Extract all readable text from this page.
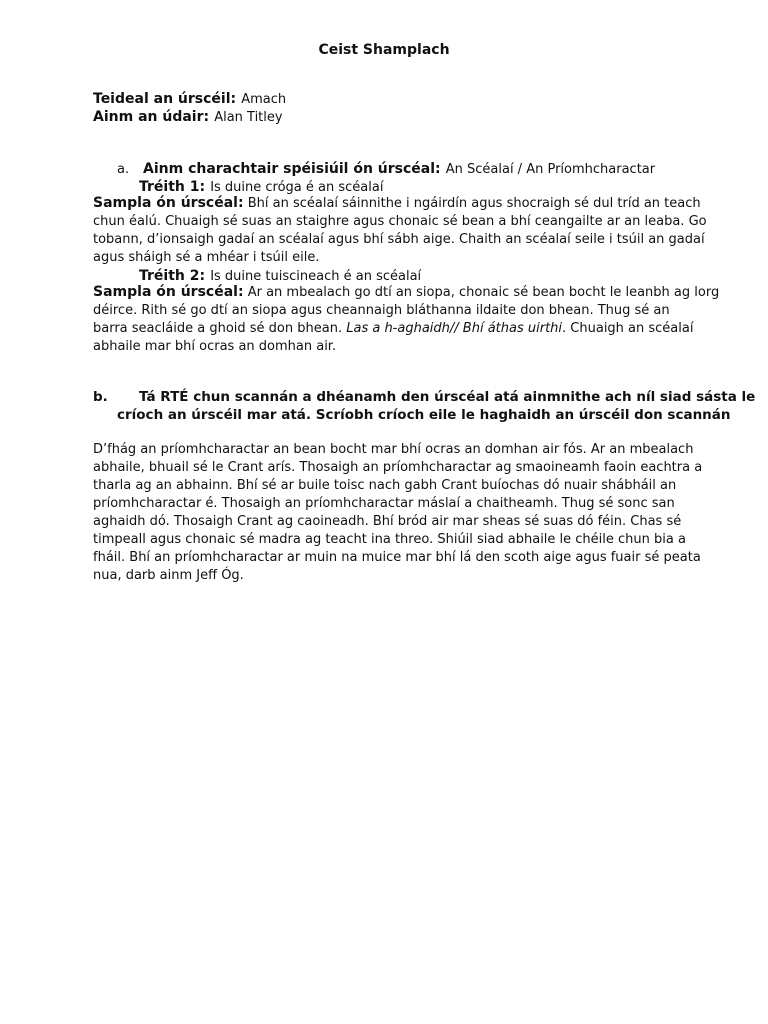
Ceist Shamplach
Teideal an úrscéil: Amach
Ainm an údair: Alan Titley
a. Ainm charachtair spéisiúil ón úrscéal: An Scéalaí / An Príomhcharactar
Tréith 1: Is duine cróga é an scéalaí

Sampla ón úrscéal: Bhí an scéalaí sáinnithe i ngáirdín agus shocraigh sé dul tríd an teach

chun éalú. Chuaigh sé suas an staighre agus chonaic sé bean a bhí ceangailte ar an leaba. Go

tobann, d’ionsaigh gadaí an scéalaí agus bhí sábh aige. Chaith an scéalaí seile i tsúil an gadaí

agus sháigh sé a mhéar i tsúil eile.

Tréith 2: Is duine tuiscineach é an scéalaí

Sampla ón úrscéal: Ar an mbealach go dtí an siopa, chonaic sé bean bocht le leanbh ag lorg

déirce. Rith sé go dtí an siopa agus cheannaigh bláthanna ildaite don bhean. Thug sé an

barra seacláide a ghoid sé don bhean. Las a h-aghaidh// Bhí áthas uirthi. Chuaigh an scéalaí

abhaile mar bhí ocras an domhan air.

b. Tá RTÉ chun scannán a dhéanamh den úrscéal atá ainmnithe ach níl siad sásta le
críoch an úrscéil mar atá. Scríobh críoch eile le haghaidh an úrscéil don scannán

D’fhág an príomhcharactar an bean bocht mar bhí ocras an domhan air fós. Ar an mbealach

abhaile, bhuail sé le Crant arís. Thosaigh an príomhcharactar ag smaoineamh faoin eachtra a

tharla ag an abhainn. Bhí sé ar buile toisc nach gabh Crant buíochas dó nuair shábháil an

príomhcharactar é. Thosaigh an príomhcharactar máslaí a chaitheamh. Thug sé sonc san

aghaidh dó. Thosaigh Crant ag caoineadh. Bhí bród air mar sheas sé suas dó féin. Chas sé

timpeall agus chonaic sé madra ag teacht ina threo. Shiúil siad abhaile le chéile chun bia a

fháil. Bhí an príomhcharactar ar muin na muice mar bhí lá den scoth aige agus fuair sé peata

nua, darb ainm Jeff Óg.
